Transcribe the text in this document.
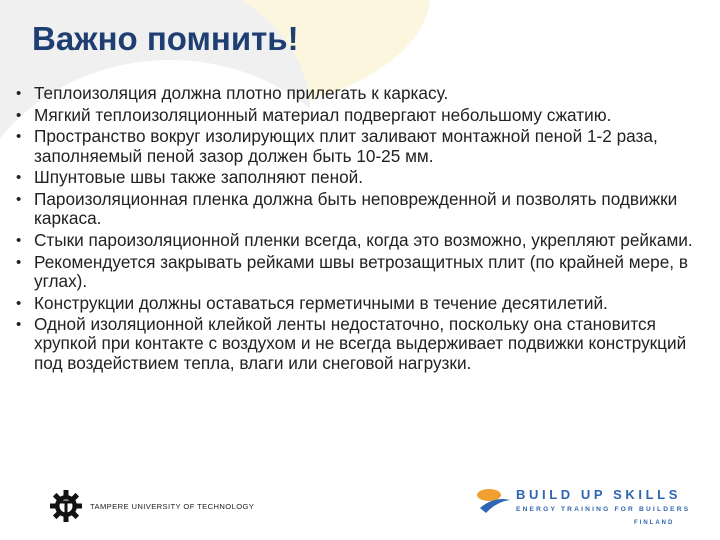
Важно помнить!
• Теплоизоляция должна плотно прилегать к каркасу.
• Мягкий теплоизоляционный материал подвергают небольшому сжатию.
• Пространство вокруг изолирующих плит заливают монтажной пеной 1-2 раза, заполняемый пеной зазор должен быть 10-25 мм.
• Шпунтовые швы также заполняют пеной.
• Пароизоляционная пленка должна быть неповрежденной и позволять подвижки каркаса.
• Стыки пароизоляционной пленки всегда, когда это возможно, укрепляют рейками.
• Рекомендуется закрывать рейками швы ветрозащитных плит (по крайней мере, в углах).
• Конструкции должны оставаться герметичными в течение десятилетий.
• Одной изоляционной клейкой ленты недостаточно, поскольку она становится хрупкой при контакте с воздухом и не всегда выдерживает подвижки конструкций под воздействием тепла, влаги или снеговой нагрузки.
TAMPERE UNIVERSITY OF TECHNOLOGY
BUILD UP SKILLS
ENERGY TRAINING FOR BUILDERS
FINLAND
